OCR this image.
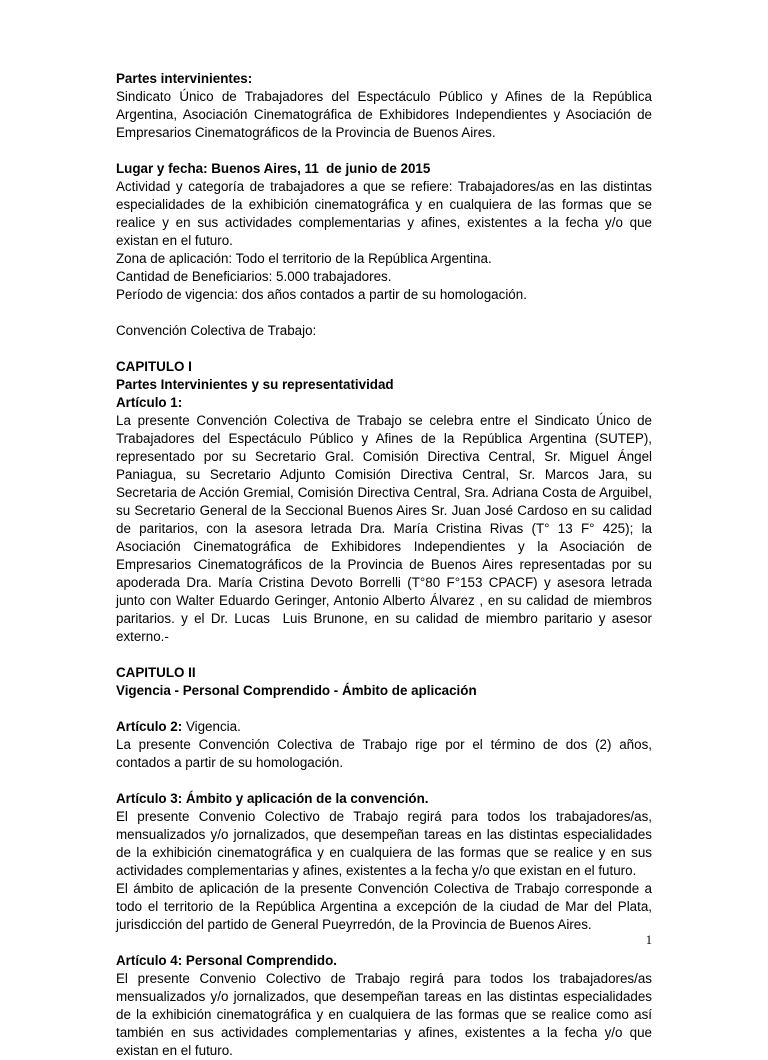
Partes intervinientes:

Sindicato Único de Trabajadores del Espectáculo Público y Afines de la República Argentina, Asociación Cinematográfica de Exhibidores Independientes y Asociación de Empresarios Cinematográficos de la Provincia de Buenos Aires.

Lugar y fecha: Buenos Aires, 11  de junio de 2015

Actividad y categoría de trabajadores a que se refiere: Trabajadores/as en las distintas especialidades de la exhibición cinematográfica y en cualquiera de las formas que se realice y en sus actividades complementarias y afines, existentes a la fecha y/o que existan en el futuro.

Zona de aplicación: Todo el territorio de la República Argentina.

Cantidad de Beneficiarios: 5.000 trabajadores.

Período de vigencia: dos años contados a partir de su homologación.

Convención Colectiva de Trabajo:

CAPITULO I

Partes Intervinientes y su representatividad

Artículo 1:

La presente Convención Colectiva de Trabajo se celebra entre el Sindicato Único de Trabajadores del Espectáculo Público y Afines de la República Argentina (SUTEP), representado por su Secretario Gral. Comisión Directiva Central, Sr. Miguel Ángel Paniagua, su Secretario Adjunto Comisión Directiva Central, Sr. Marcos Jara, su Secretaria de Acción Gremial, Comisión Directiva Central, Sra. Adriana Costa de Arguibel, su Secretario General de la Seccional Buenos Aires Sr. Juan José Cardoso en su calidad de paritarios, con la asesora letrada Dra. María Cristina Rivas (T° 13 F° 425); la Asociación Cinematográfica de Exhibidores Independientes y la Asociación de Empresarios Cinematográficos de la Provincia de Buenos Aires representadas por su apoderada Dra. María Cristina Devoto Borrelli (T°80 F°153 CPACF) y asesora letrada junto con Walter Eduardo Geringer, Antonio Alberto Álvarez , en su calidad de miembros paritarios. y el Dr. Lucas  Luis Brunone, en su calidad de miembro paritario y asesor externo.-

CAPITULO II

Vigencia - Personal Comprendido - Ámbito de aplicación

Artículo 2: Vigencia.

La presente Convención Colectiva de Trabajo rige por el término de dos (2) años, contados a partir de su homologación.

Artículo 3: Ámbito y aplicación de la convención.

El presente Convenio Colectivo de Trabajo regirá para todos los trabajadores/as, mensualizados y/o jornalizados, que desempeñan tareas en las distintas especialidades de la exhibición cinematográfica y en cualquiera de las formas que se realice y en sus actividades complementarias y afines, existentes a la fecha y/o que existan en el futuro.

El ámbito de aplicación de la presente Convención Colectiva de Trabajo corresponde a todo el territorio de la República Argentina a excepción de la ciudad de Mar del Plata, jurisdicción del partido de General Pueyrredón, de la Provincia de Buenos Aires.

Artículo 4: Personal Comprendido.

El presente Convenio Colectivo de Trabajo regirá para todos los trabajadores/as mensualizados y/o jornalizados, que desempeñan tareas en las distintas especialidades de la exhibición cinematográfica y en cualquiera de las formas que se realice como así también en sus actividades complementarias y afines, existentes a la fecha y/o que existan en el futuro.

1
